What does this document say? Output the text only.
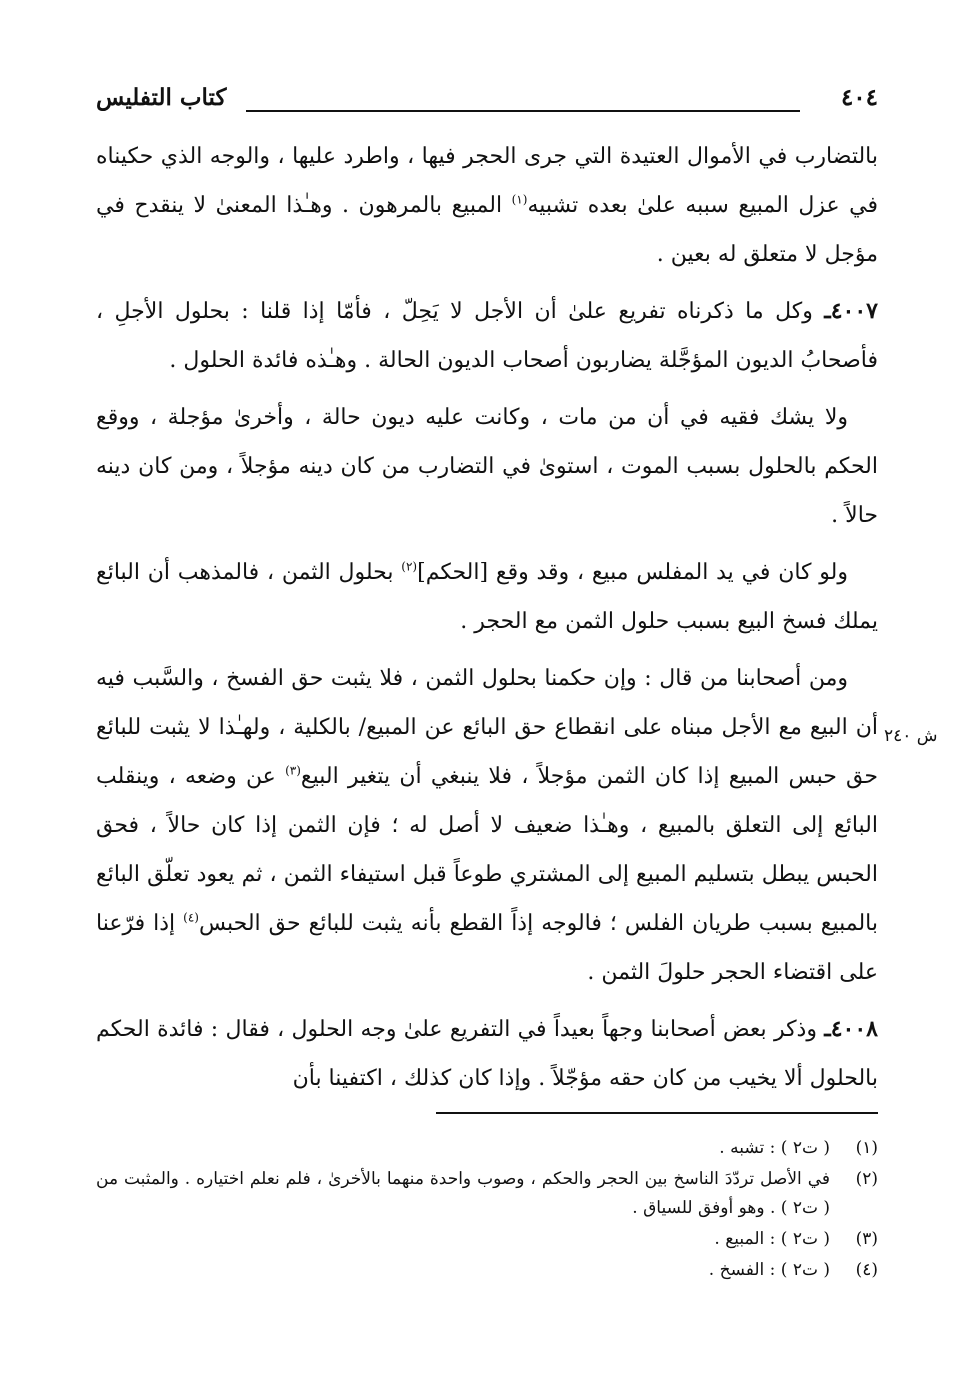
٤٠٤
كتاب التفليس

بالتضارب في الأموال العتيدة التي جرى الحجر فيها ، واطرد عليها ، والوجه الذي حكيناه في عزل المبيع سببه علىٰ بعده تشبيه$^{(١)}$ المبيع بالمرهون . وهـٰذا المعنىٰ لا ينقدح في مؤجل لا متعلق له بعين .

٤٠٠٧ـ وكل ما ذكرناه تفريع علىٰ أن الأجل لا يَحِلّ ، فأمّا إذا قلنا : بحلول الأجلِ ، فأصحابُ الديون المؤجَّلة يضاربون أصحاب الديون الحالة . وهـٰذه فائدة الحلول .

ولا يشك فقيه في أن من مات ، وكانت عليه ديون حالة ، وأخرىٰ مؤجلة ، ووقع الحكم بالحلول بسبب الموت ، استوىٰ في التضارب من كان دينه مؤجلاً ، ومن كان دينه حالاً .

ولو كان في يد المفلس مبيع ، وقد وقع [الحكم]$^{(٢)}$ بحلول الثمن ، فالمذهب أن البائع يملك فسخ البيع بسبب حلول الثمن مع الحجر .

ومن أصحابنا من قال : وإن حكمنا بحلول الثمن ، فلا يثبت حق الفسخ ، والسَّبب فيه أن البيع مع الأجل مبناه على انقطاع حق البائع عن المبيع/ بالكلية ، ولهـٰذا لا يثبت للبائع حق حبس المبيع إذا كان الثمن مؤجلاً ، فلا ينبغي أن يتغير البيع$^{(٣)}$ عن وضعه ، وينقلب البائع إلى التعلق بالمبيع ، وهـٰذا ضعيف لا أصل له ؛ فإن الثمن إذا كان حالاً ، فحق الحبس يبطل بتسليم المبيع إلى المشتري طوعاً قبل استيفاء الثمن ، ثم يعود تعلّق البائع بالمبيع بسبب طريان الفلس ؛ فالوجه إذاً القطع بأنه يثبت للبائع حق الحبس$^{(٤)}$ إذا فرّعنا على اقتضاء الحجر حلولَ الثمن .

٤٠٠٨ـ وذكر بعض أصحابنا وجهاً بعيداً في التفريع علىٰ وجه الحلول ، فقال : فائدة الحكم بالحلول ألا يخيب من كان حقه مؤجّلاً . وإذا كان كذلك ، اكتفينا بأن

ش ٢٤٠
(١)
( ت٢ ) : تشبه .
(٢)
في الأصل تردّدَ الناسخ بين الحجر والحكم ، وصوب واحدة منهما بالأخرىٰ ، فلم نعلم اختياره . والمثبت من ( ت٢ ) . وهو أوفق للسياق .
(٣)
( ت٢ ) : المبيع .
(٤)
( ت٢ ) : الفسخ .
